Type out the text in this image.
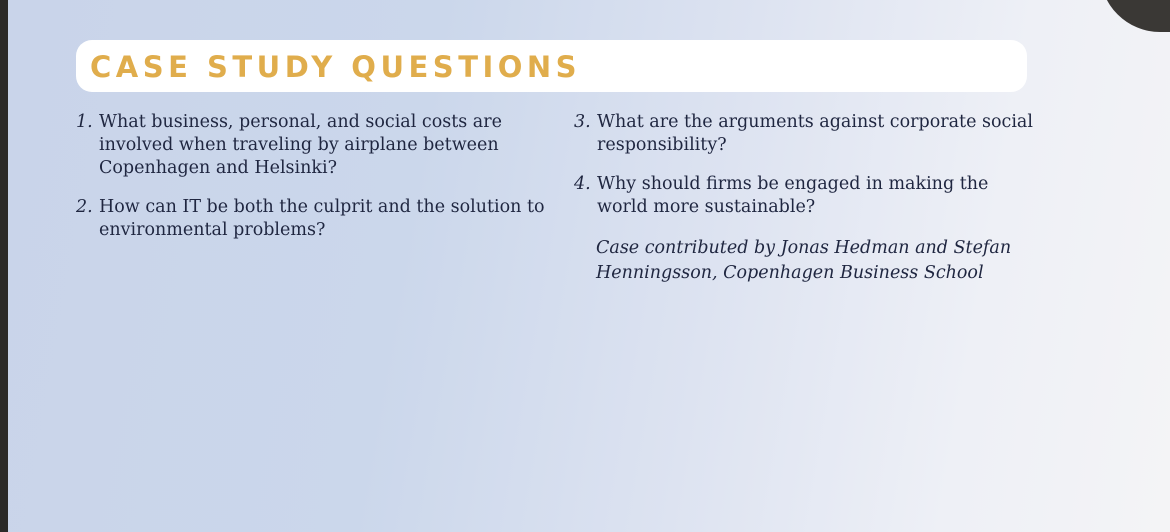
CASE STUDY QUESTIONS
1. What business, personal, and social costs are involved when traveling by airplane between Copenhagen and Helsinki?
2. How can IT be both the culprit and the solution to environmental problems?
3. What are the arguments against corporate social responsibility?
4. Why should firms be engaged in making the world more sustainable?
Case contributed by Jonas Hedman and Stefan Henningsson, Copenhagen Business School
